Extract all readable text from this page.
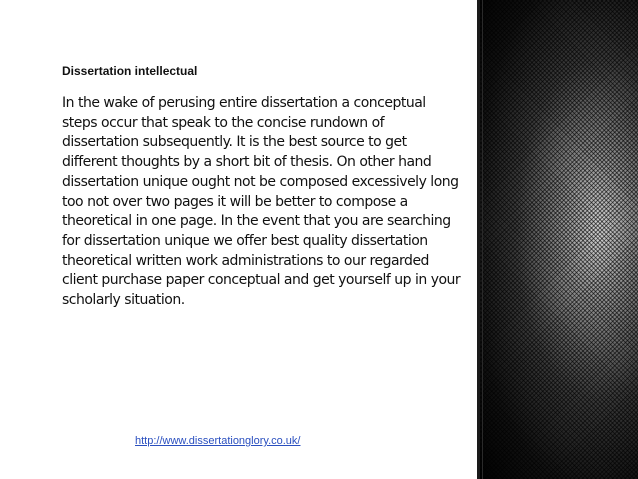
Dissertation intellectual

In the wake of perusing entire dissertation a conceptual steps occur that speak to the concise rundown of dissertation subsequently. It is the best source to get different thoughts by a short bit of thesis. On other hand dissertation unique ought not be composed excessively long too not over two pages it will be better to compose a theoretical in one page. In the event that you are searching for dissertation unique we offer best quality dissertation theoretical written work administrations to our regarded client purchase paper conceptual and get yourself up in your scholarly situation.

http://www.dissertationglory.co.uk/
